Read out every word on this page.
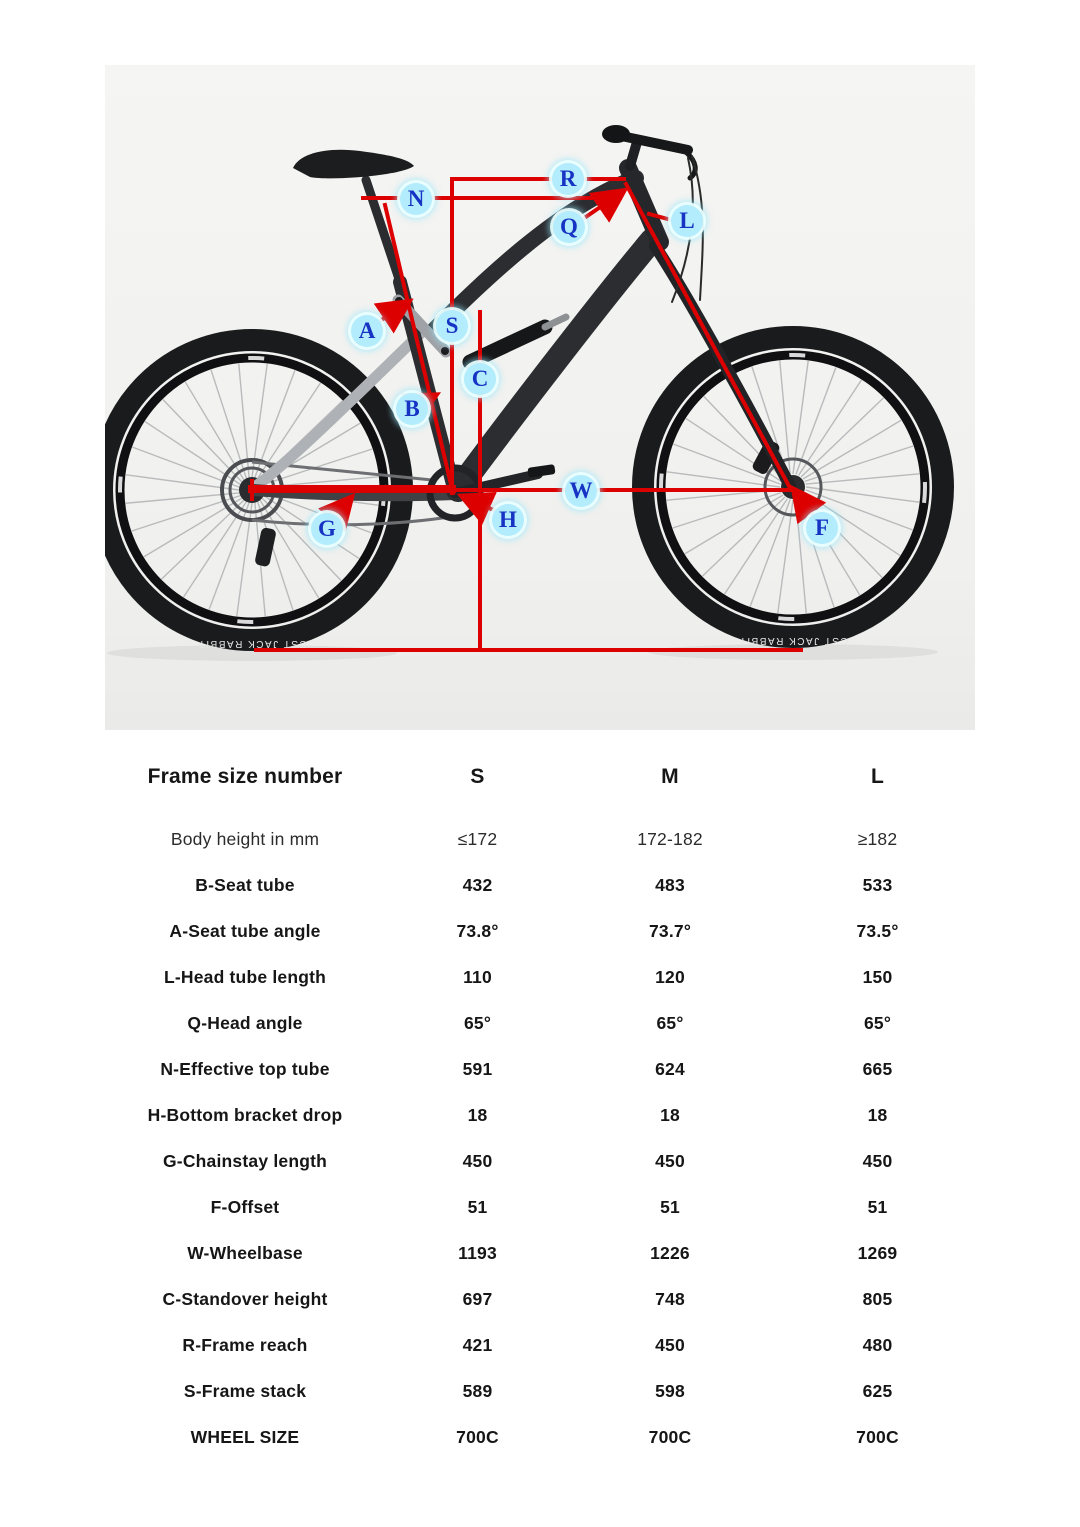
CST JACK RABBIT	CST JACK RABBIT
R
N
Q	L
A	S
C
B
G	H
W
F
Frame size number	S	M	L
Body height in mm	≤172	172-182	≥182
B-Seat tube	432	483	533
A-Seat tube angle	73.8°	73.7°	73.5°
L-Head tube length	110	120	150
Q-Head angle	65°	65°	65°
N-Effective top tube	591	624	665
H-Bottom bracket drop	18	18	18
G-Chainstay length	450	450	450
F-Offset	51	51	51
W-Wheelbase	1193	1226	1269
C-Standover height	697	748	805
R-Frame reach	421	450	480
S-Frame stack	589	598	625
WHEEL SIZE	700C	700C	700C
